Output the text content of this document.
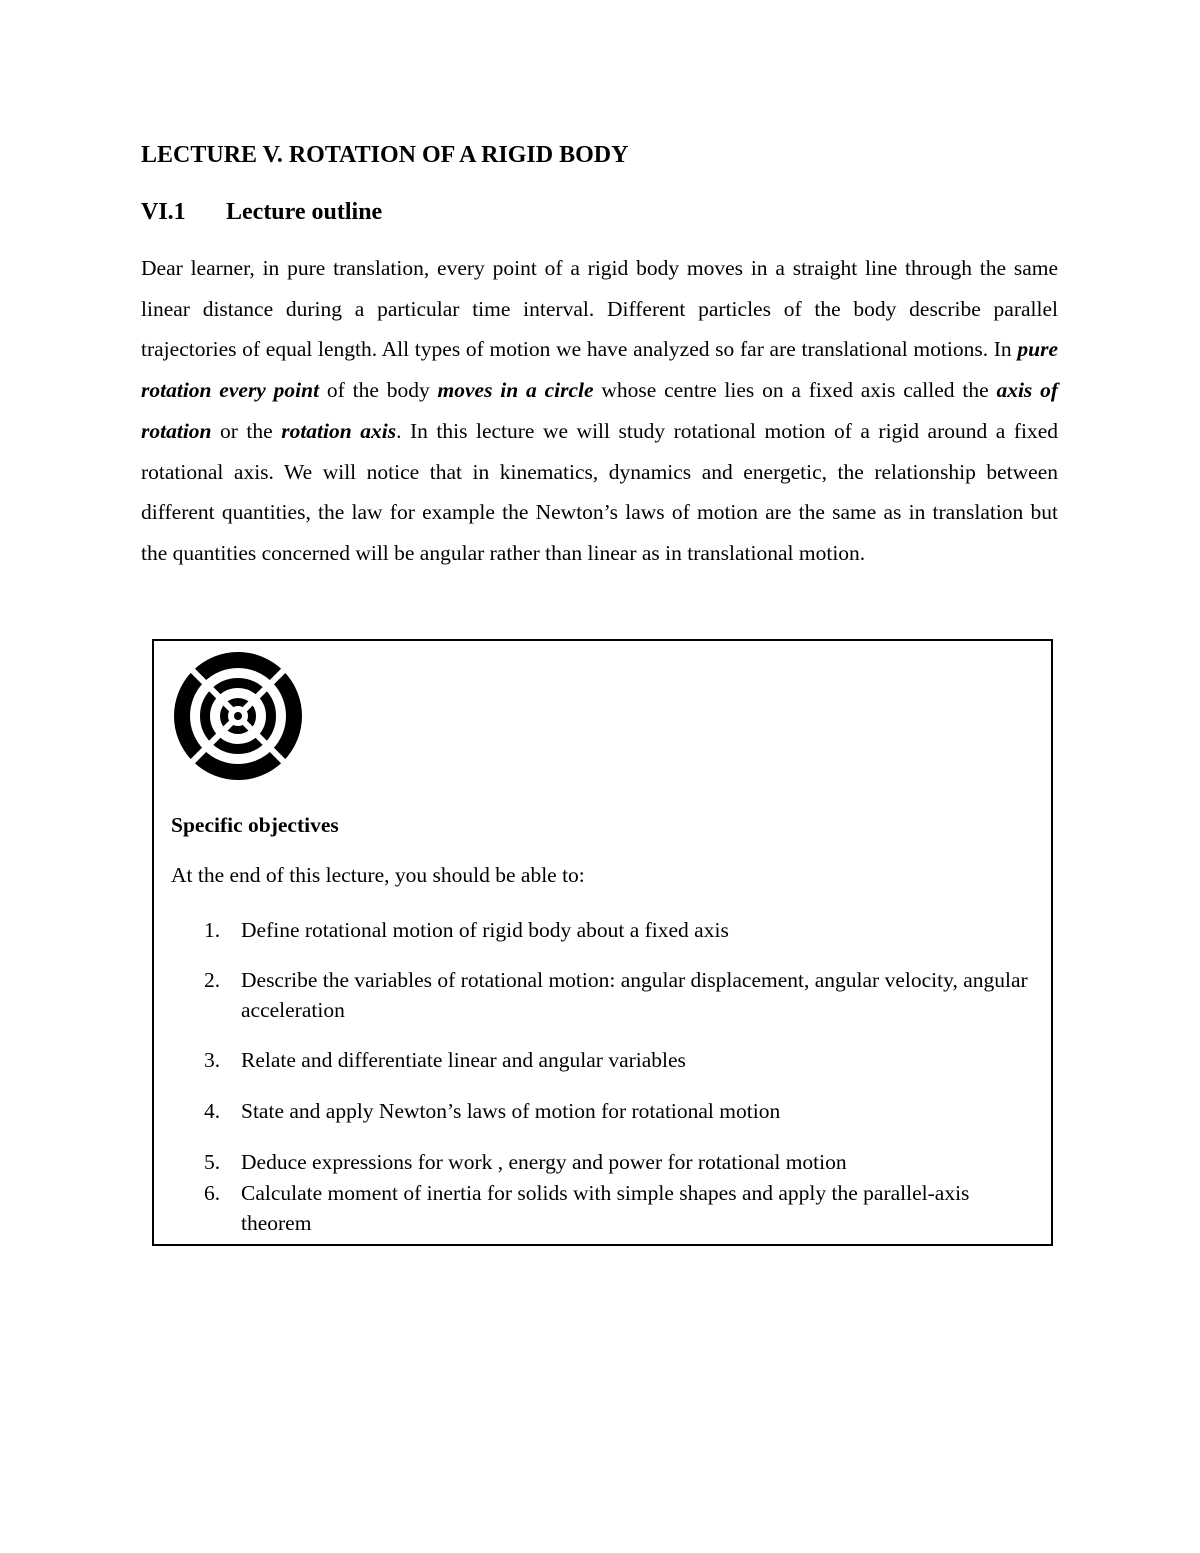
LECTURE V. ROTATION OF A RIGID BODY
VI.1 Lecture outline

Dear learner, in pure translation, every point of a rigid body moves in a straight line through the same linear distance during a particular time interval. Different particles of the body describe parallel trajectories of equal length. All types of motion we have analyzed so far are translational motions. In pure rotation every point of the body moves in a circle whose centre lies on a fixed axis called the axis of rotation or the rotation axis. In this lecture we will study rotational motion of a rigid around a fixed rotational axis. We will notice that in kinematics, dynamics and energetic, the relationship between different quantities, the law for example the Newton’s laws of motion are the same as in translation but the quantities concerned will be angular rather than linear as in translational motion.

Specific objectives

At the end of this lecture, you should be able to:

1. Define rotational motion of rigid body about a fixed axis
2. Describe the variables of rotational motion: angular displacement, angular velocity, angular acceleration
3. Relate and differentiate linear and angular variables
4. State and apply Newton’s laws of motion for rotational motion
5. Deduce expressions for work , energy and power for rotational motion
6. Calculate moment of inertia for solids with simple shapes and apply the parallel-axis theorem
